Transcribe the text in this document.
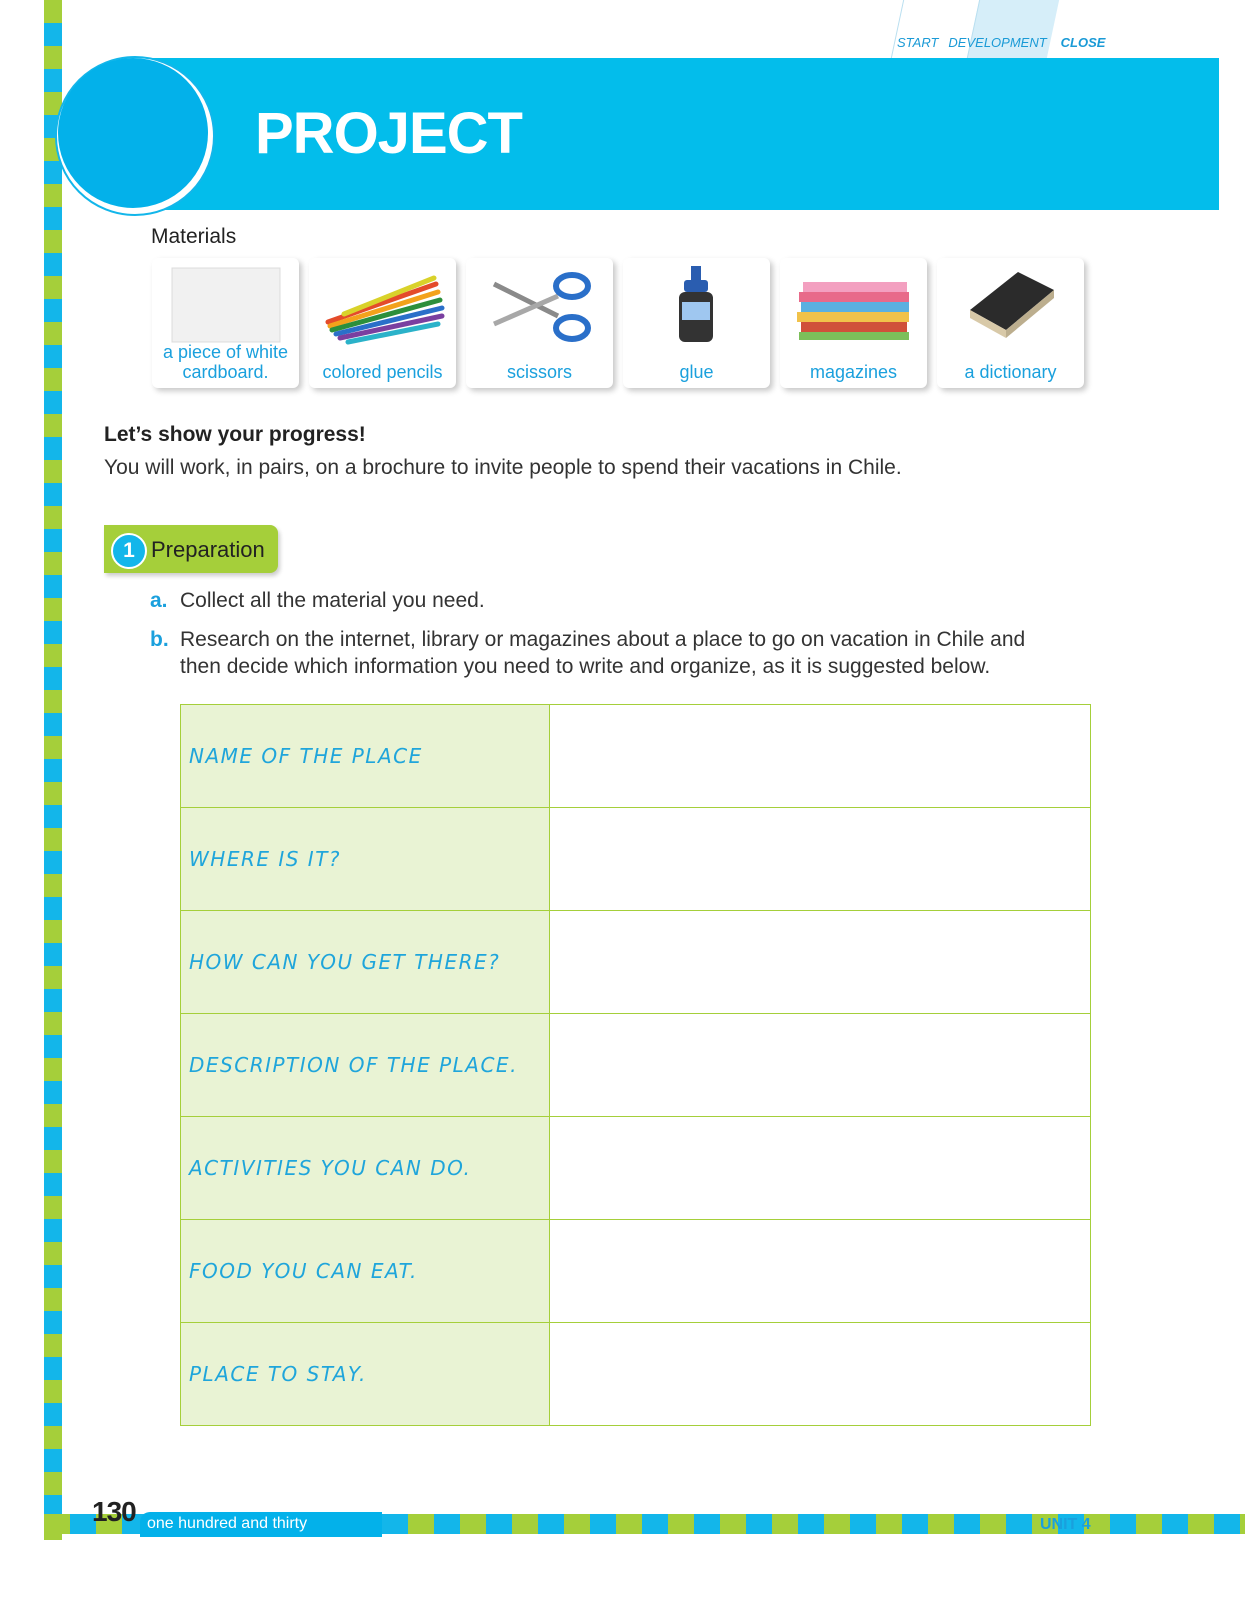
START DEVELOPMENT CLOSE
PROJECT
Materials
a piece of white cardboard.	colored pencils	scissors	glue	magazines	a dictionary
Let’s show your progress!
You will work, in pairs, on a brochure to invite people to spend their vacations in Chile.
1 Preparation
a. Collect all the material you need.
b. Research on the internet, library or magazines about a place to go on vacation in Chile and
then decide which information you need to write and organize, as it is suggested below.
NAME OF THE PLACE	
WHERE IS IT?	
HOW CAN YOU GET THERE?	
DESCRIPTION OF THE PLACE.	
ACTIVITIES YOU CAN DO.	
FOOD YOU CAN EAT.	
PLACE TO STAY.	
130 one hundred and thirty	UNIT 4
